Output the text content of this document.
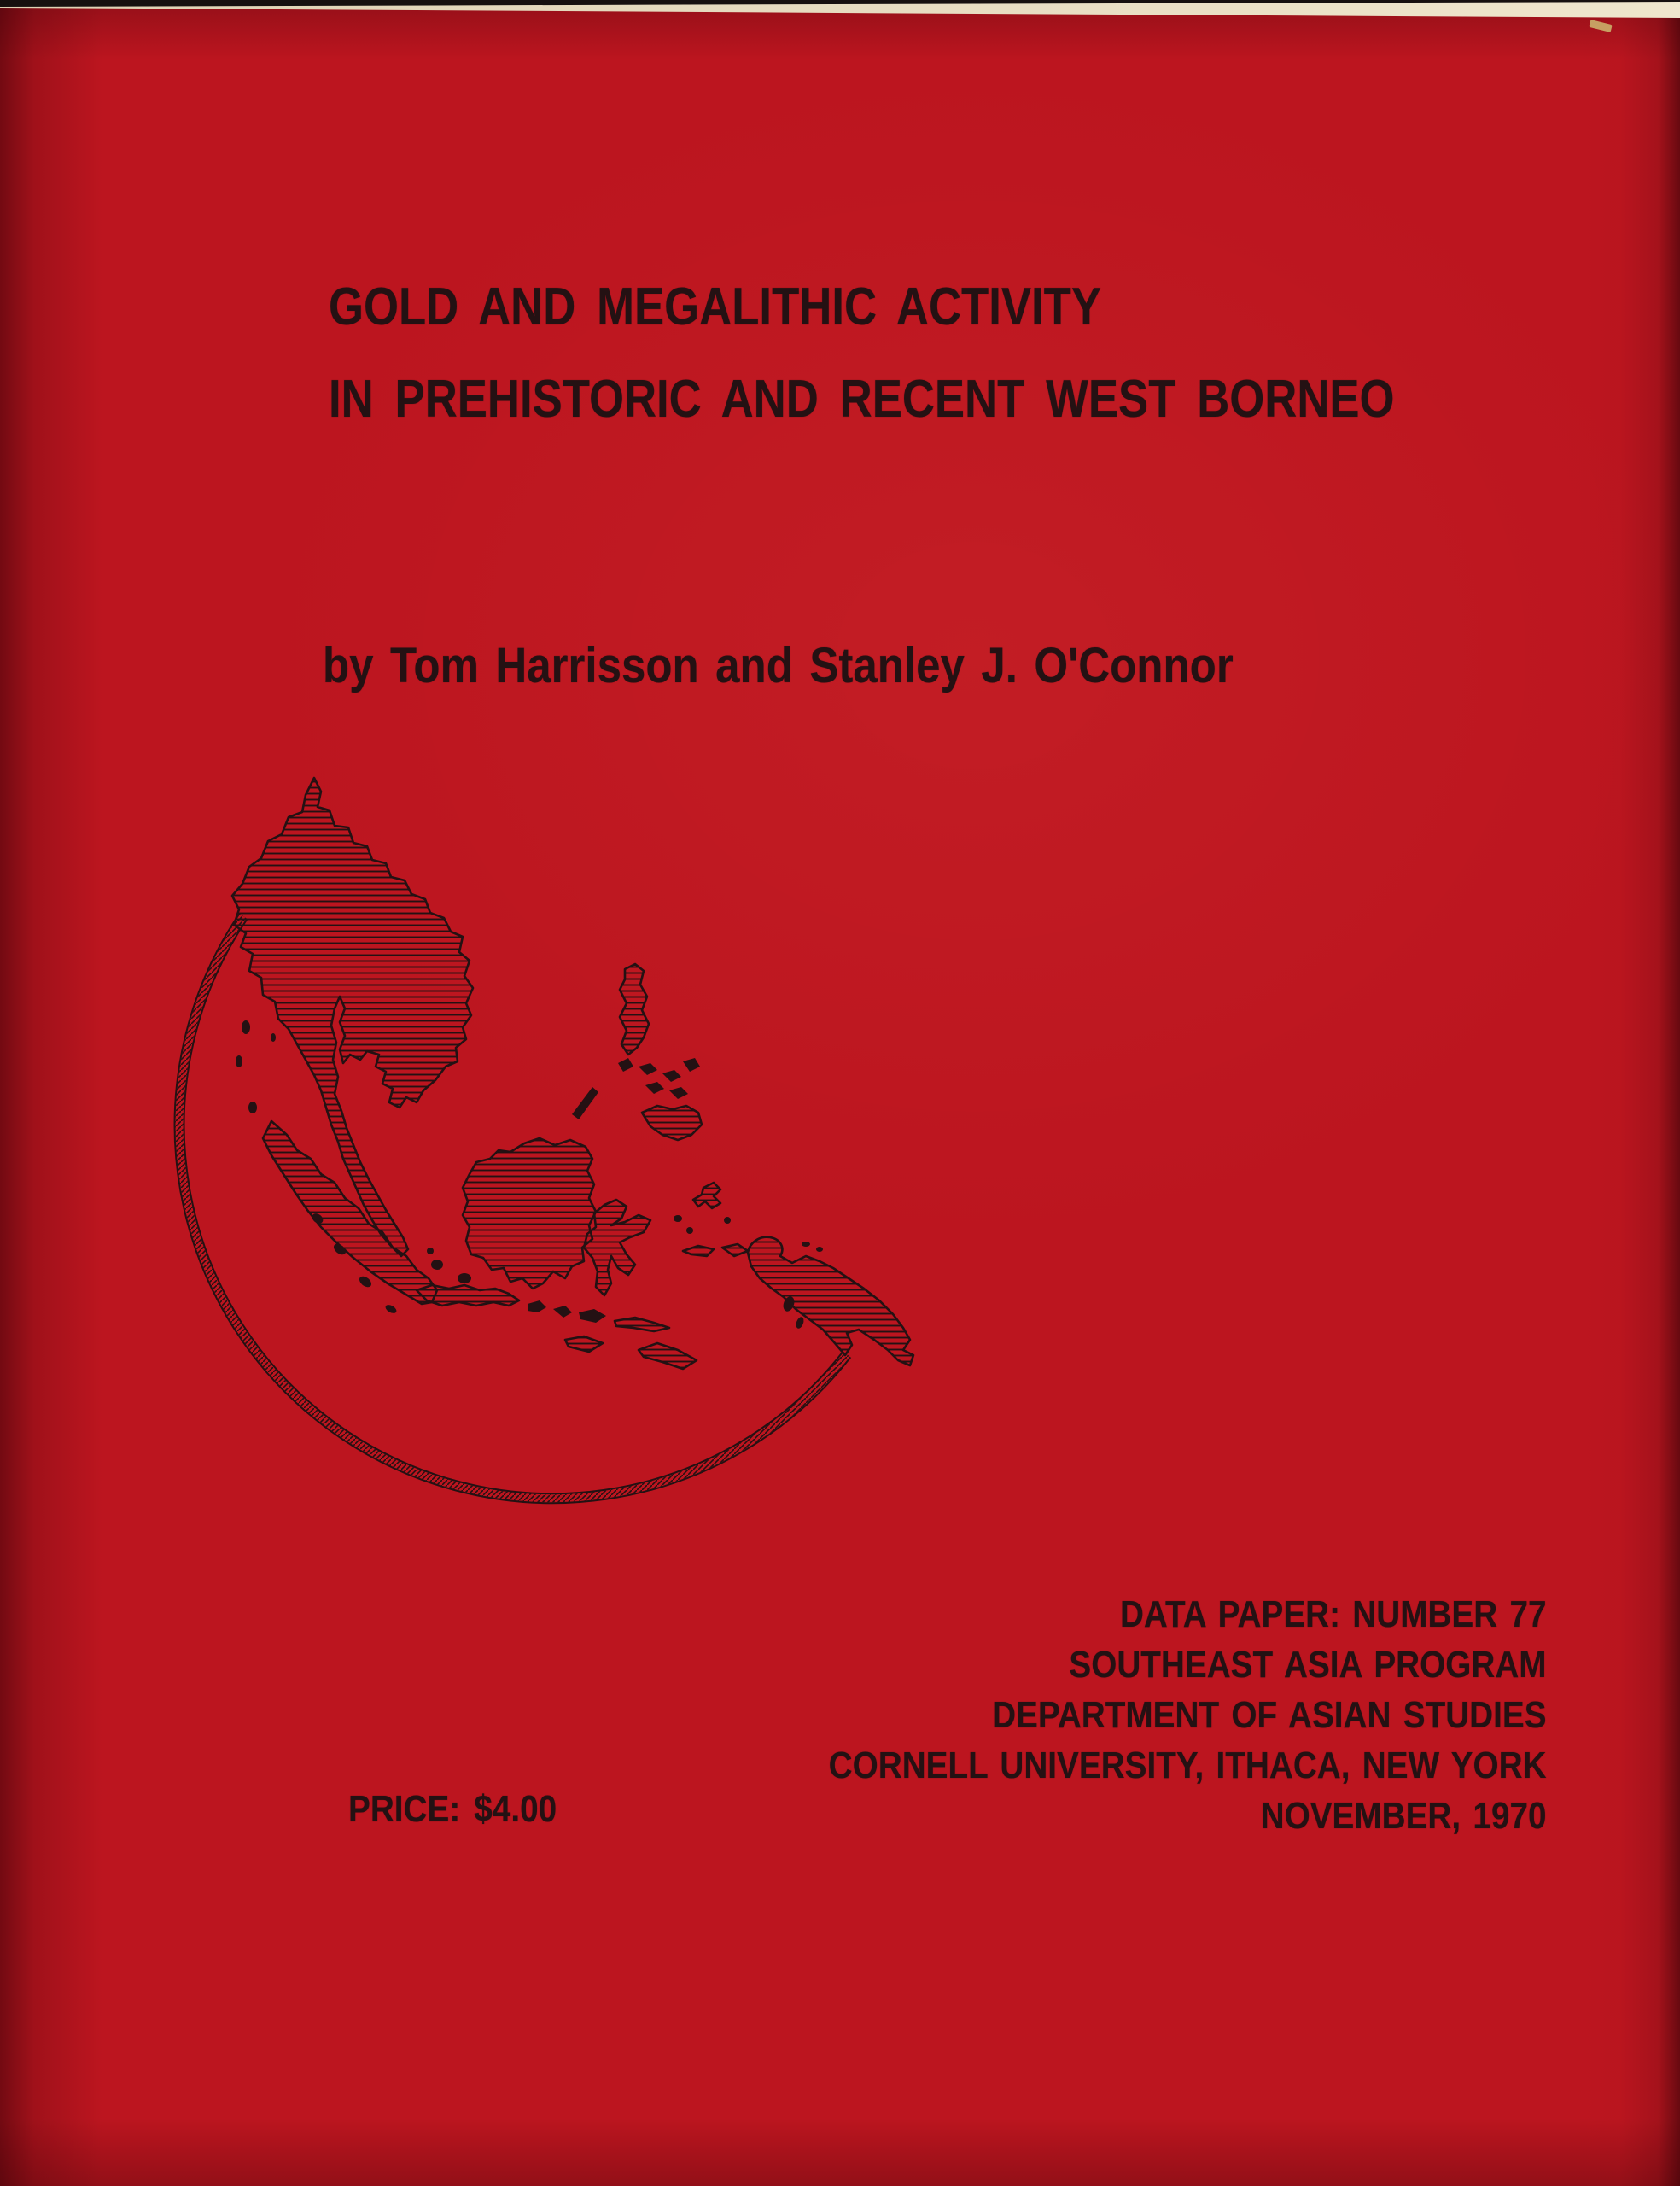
GOLD AND MEGALITHIC ACTIVITY
IN PREHISTORIC AND RECENT WEST BORNEO
by Tom Harrisson and Stanley J. O'Connor
DATA PAPER: NUMBER 77
SOUTHEAST ASIA PROGRAM
DEPARTMENT OF ASIAN STUDIES
CORNELL UNIVERSITY, ITHACA, NEW YORK
NOVEMBER, 1970
PRICE: $4.00
